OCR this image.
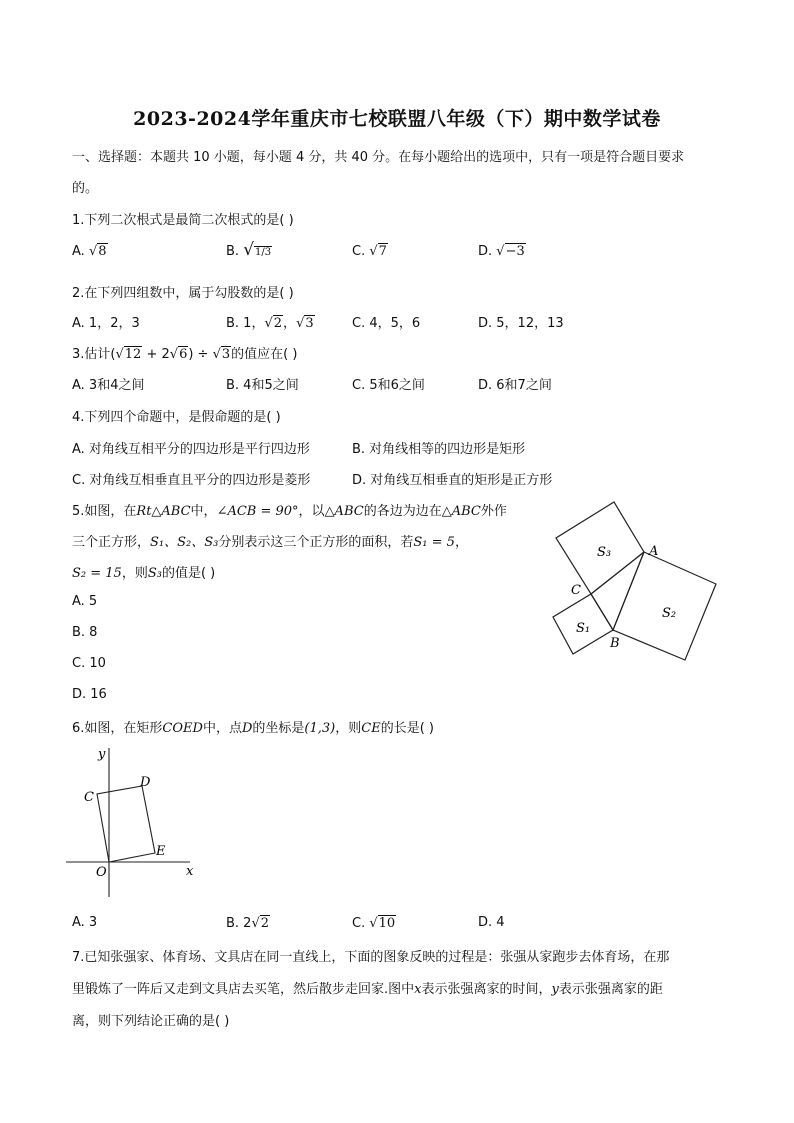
2023-2024学年重庆市七校联盟八年级（下）期中数学试卷
一、选择题：本题共 10 小题，每小题 4 分，共 40 分。在每小题给出的选项中，只有一项是符合题目要求
的。
1.下列二次根式是最简二次根式的是( )
A. √8	B. √1/3	C. √7	D. √−3
2.在下列四组数中，属于勾股数的是( )
A. 1，2，3	B. 1，√2，√3	C. 4，5，6	D. 5，12，13
3.估计(√12 + 2√6) ÷ √3的值应在( )
A. 3和4之间	B. 4和5之间	C. 5和6之间	D. 6和7之间
4.下列四个命题中，是假命题的是( )
A. 对角线互相平分的四边形是平行四边形	B. 对角线相等的四边形是矩形
C. 对角线互相垂直且平分的四边形是菱形	D. 对角线互相垂直的矩形是正方形
5.如图，在Rt△ABC中，∠ACB = 90°，以△ABC的各边为边在△ABC外作
三个正方形，S₁、S₂、S₃分别表示这三个正方形的面积，若S₁ = 5，
S₂ = 15，则S₃的值是( )
A. 5
B. 8
C. 10
D. 16
S₃	A
C
S₂
S₁
B
6.如图，在矩形COED中，点D的坐标是(1,3)，则CE的长是( )
y
x
O
C
D
E
A. 3	B. 2√2	C. √10	D. 4
7.已知张强家、体育场、文具店在同一直线上，下面的图象反映的过程是：张强从家跑步去体育场，在那
里锻炼了一阵后又走到文具店去买笔，然后散步走回家.图中x表示张强离家的时间，y表示张强离家的距
离，则下列结论正确的是( )
